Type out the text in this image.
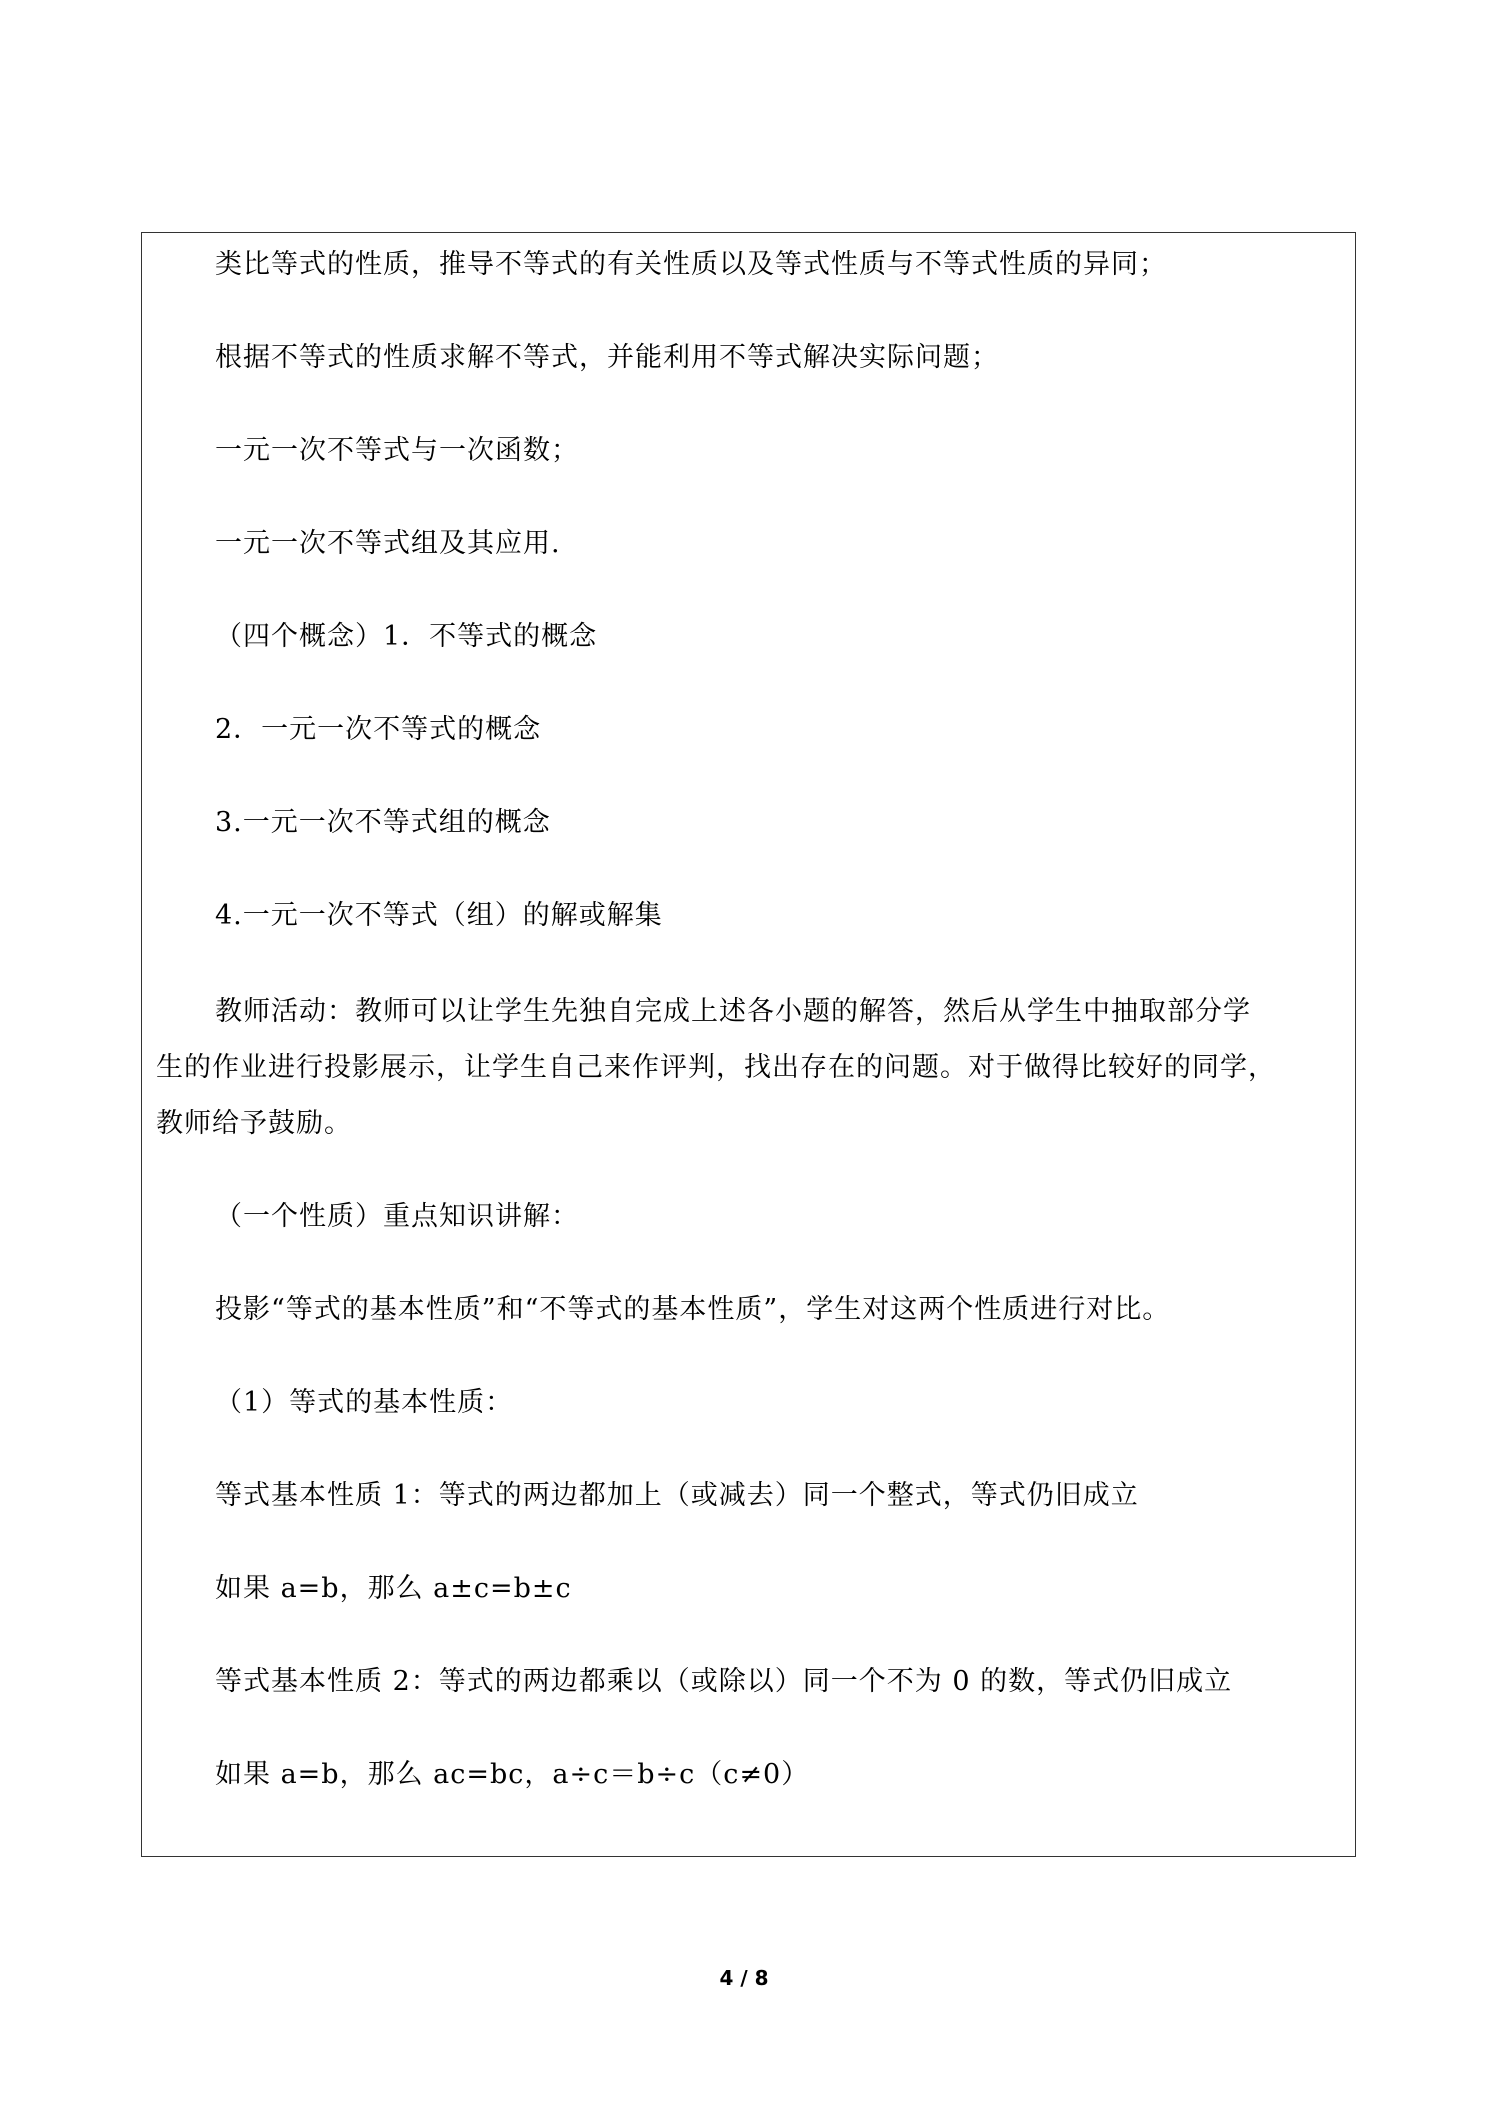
类比等式的性质，推导不等式的有关性质以及等式性质与不等式性质的异同；
根据不等式的性质求解不等式，并能利用不等式解决实际问题；
一元一次不等式与一次函数；
一元一次不等式组及其应用.
（四个概念）1．不等式的概念
2．一元一次不等式的概念
3.一元一次不等式组的概念
4.一元一次不等式（组）的解或解集
教师活动：教师可以让学生先独自完成上述各小题的解答，然后从学生中抽取部分学
生的作业进行投影展示，让学生自己来作评判，找出存在的问题。对于做得比较好的同学，
教师给予鼓励。
（一个性质）重点知识讲解：
投影“等式的基本性质”和“不等式的基本性质”，学生对这两个性质进行对比。
（1）等式的基本性质：
等式基本性质 1：等式的两边都加上（或减去）同一个整式，等式仍旧成立
如果 a=b，那么 a±c=b±c
等式基本性质 2：等式的两边都乘以（或除以）同一个不为 0 的数，等式仍旧成立
如果 a=b，那么 ac=bc，a÷c＝b÷c（c≠0）
4 / 8
